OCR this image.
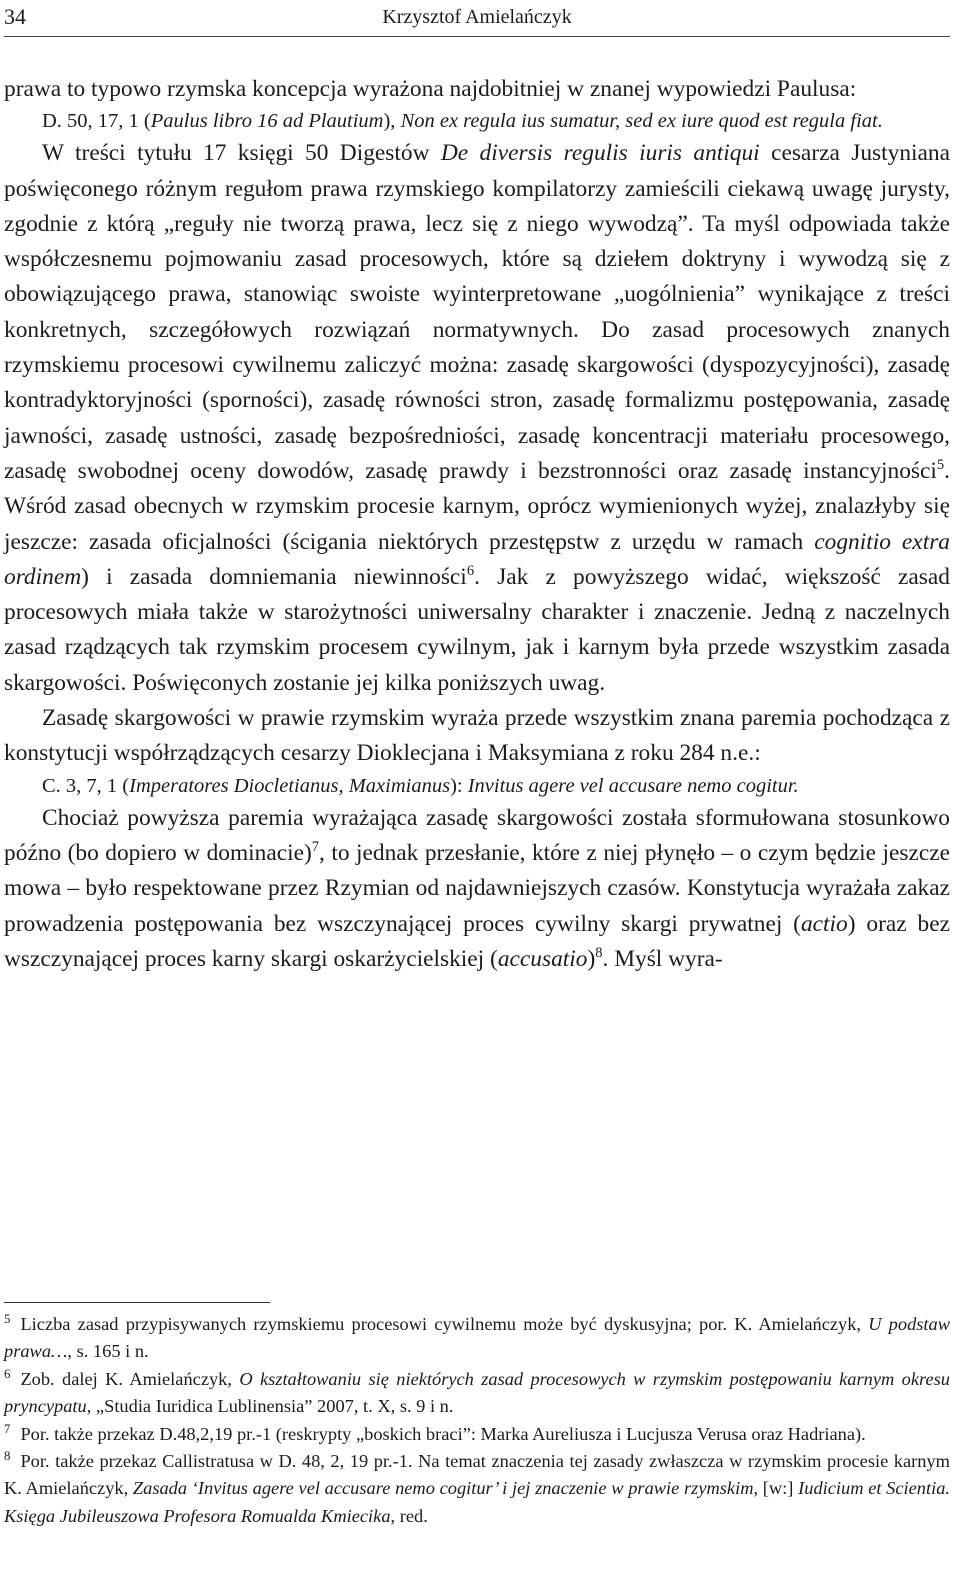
34	Krzysztof Amielańczyk

prawa to typowo rzymska koncepcja wyrażona najdobitniej w znanej wypowiedzi Paulusa:

D. 50, 17, 1 (Paulus libro 16 ad Plautium), Non ex regula ius sumatur, sed ex iure quod est regula fiat.

W treści tytułu 17 księgi 50 Digestów De diversis regulis iuris antiqui cesarza Justyniana poświęconego różnym regułom prawa rzymskiego kompilatorzy zamieścili ciekawą uwagę jurysty, zgodnie z którą „reguły nie tworzą prawa, lecz się z niego wywodzą”. Ta myśl odpowiada także współczesnemu pojmowaniu zasad procesowych, które są dziełem doktryny i wywodzą się z obowiązującego prawa, stanowiąc swoiste wyinterpretowane „uogólnienia” wynikające z treści konkretnych, szczegółowych rozwiązań normatywnych. Do zasad procesowych znanych rzymskiemu procesowi cywilnemu zaliczyć można: zasadę skargowości (dyspozycyjności), zasadę kontradyktoryjności (sporności), zasadę równości stron, zasadę formalizmu postępowania, zasadę jawności, zasadę ustności, zasadę bezpośredniości, zasadę koncentracji materiału procesowego, zasadę swobodnej oceny dowodów, zasadę prawdy i bezstronności oraz zasadę instancyjności$^5$. Wśród zasad obecnych w rzymskim procesie karnym, oprócz wymienionych wyżej, znalazłyby się jeszcze: zasada oficjalności (ścigania niektórych przestępstw z urzędu w ramach cognitio extra ordinem) i zasada domniemania niewinności$^6$. Jak z powyższego widać, większość zasad procesowych miała także w starożytności uniwersalny charakter i znaczenie. Jedną z naczelnych zasad rządzących tak rzymskim procesem cywilnym, jak i karnym była przede wszystkim zasada skargowości. Poświęconych zostanie jej kilka poniższych uwag.

Zasadę skargowości w prawie rzymskim wyraża przede wszystkim znana paremia pochodząca z konstytucji współrządzących cesarzy Dioklecjana i Maksymiana z roku 284 n.e.:

C. 3, 7, 1 (Imperatores Diocletianus, Maximianus): Invitus agere vel accusare nemo cogitur.

Chociaż powyższa paremia wyrażająca zasadę skargowości została sformułowana stosunkowo późno (bo dopiero w dominacie)$^7$, to jednak przesłanie, które z niej płynęło – o czym będzie jeszcze mowa – było respektowane przez Rzymian od najdawniejszych czasów. Konstytucja wyrażała zakaz prowadzenia postępowania bez wszczynającej proces cywilny skargi prywatnej (actio) oraz bez wszczynającej proces karny skargi oskarżycielskiej (accusatio)$^8$. Myśl wyra-

$^5$ Liczba zasad przypisywanych rzymskiemu procesowi cywilnemu może być dyskusyjna; por. K. Amielańczyk, U podstaw prawa…, s. 165 i n.

$^6$ Zob. dalej K. Amielańczyk, O kształtowaniu się niektórych zasad procesowych w rzymskim postępowaniu karnym okresu pryncypatu, „Studia Iuridica Lublinensia” 2007, t. X, s. 9 i n.

$^7$ Por. także przekaz D.48,2,19 pr.-1 (reskrypty „boskich braci”: Marka Aureliusza i Lucjusza Verusa oraz Hadriana).

$^8$ Por. także przekaz Callistratusa w D. 48, 2, 19 pr.-1. Na temat znaczenia tej zasady zwłaszcza w rzymskim procesie karnym K. Amielańczyk, Zasada ‘Invitus agere vel accusare nemo cogitur’ i jej znaczenie w prawie rzymskim, [w:] Iudicium et Scientia. Księga Jubileuszowa Profesora Romualda Kmiecika, red.
